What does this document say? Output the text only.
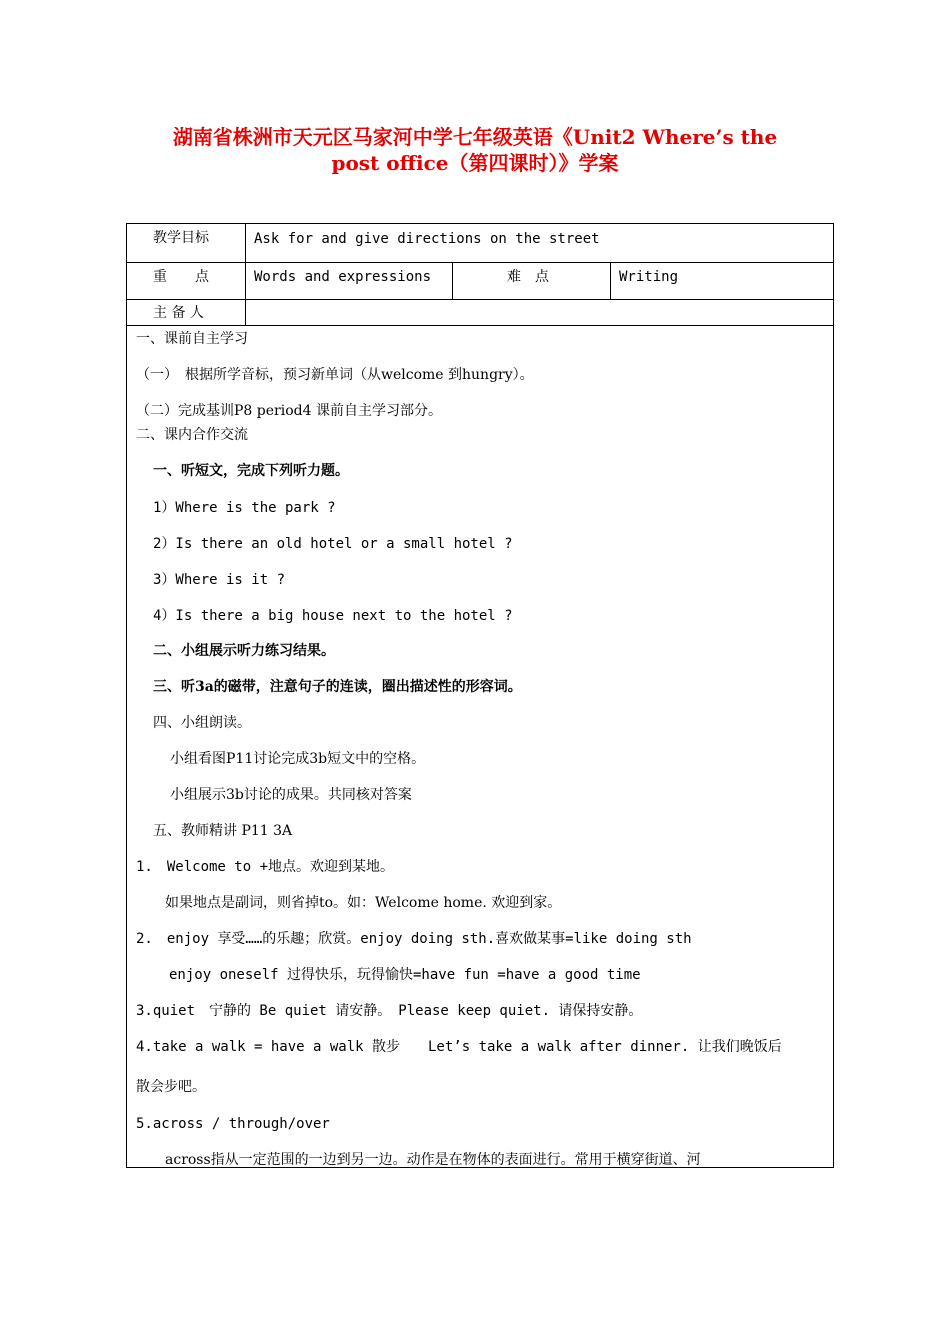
湖南省株洲市天元区马家河中学七年级英语《Unit2 Where’s the
post office（第四课时）》学案
教学目标	Ask for and give directions on the street
重　　点	Words and expressions	难　点	Writing
主 备 人
一、课前自主学习
（一）　根据所学音标，预习新单词（从welcome 到hungry）。
（二）完成基训P8 period4 课前自主学习部分。
二、课内合作交流
一、听短文，完成下列听力题。
1）Where is the park ?
2）Is there an old hotel or a small hotel ?
3）Where is it ?
4）Is there a big house next to the hotel ?
二、小组展示听力练习结果。
三、听3a的磁带，注意句子的连读，圈出描述性的形容词。
四、小组朗读。
小组看图P11讨论完成3b短文中的空格。
小组展示3b讨论的成果。共同核对答案
五、教师精讲 P11 3A
1.　Welcome to +地点。欢迎到某地。
如果地点是副词，则省掉to。如：Welcome home. 欢迎到家。
2.　enjoy 享受……的乐趣；欣赏。enjoy doing sth.喜欢做某事=like doing sth
enjoy oneself 过得快乐，玩得愉快=have fun =have a good time
3.quiet　宁静的 Be quiet 请安静。　Please keep quiet. 请保持安静。
4.take a walk = have a walk 散步　　Let’s take a walk after dinner. 让我们晚饭后
散会步吧。
5.across / through/over
across指从一定范围的一边到另一边。动作是在物体的表面进行。常用于横穿街道、河
